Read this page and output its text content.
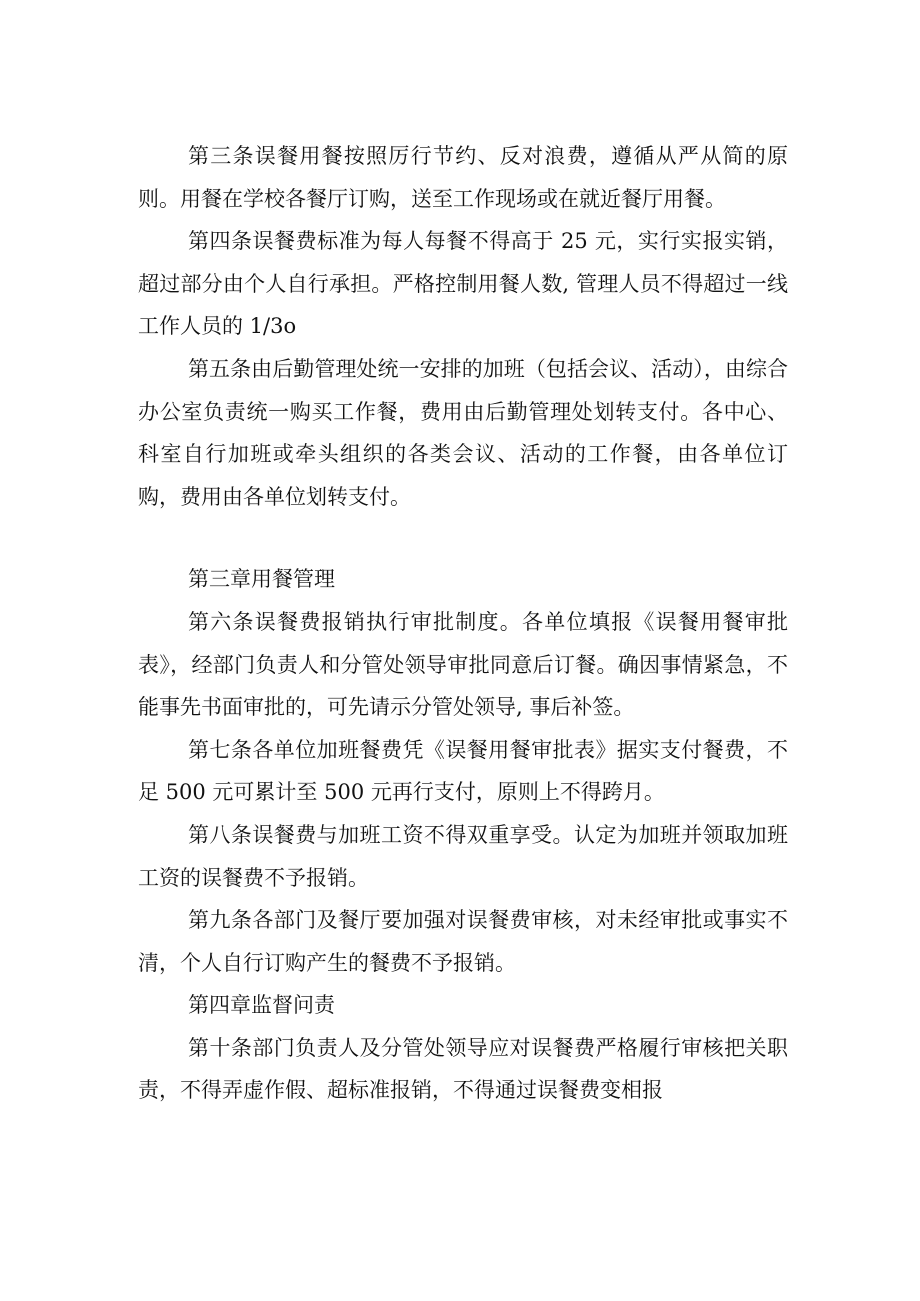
第三条误餐用餐按照厉行节约、反对浪费，遵循从严从简的原则。用餐在学校各餐厅订购，送至工作现场或在就近餐厅用餐。

第四条误餐费标准为每人每餐不得高于 25 元，实行实报实销，超过部分由个人自行承担。严格控制用餐人数, 管理人员不得超过一线工作人员的 1/3o

第五条由后勤管理处统一安排的加班（包括会议、活动），由综合办公室负责统一购买工作餐，费用由后勤管理处划转支付。各中心、科室自行加班或牵头组织的各类会议、活动的工作餐，由各单位订购，费用由各单位划转支付。

第三章用餐管理

第六条误餐费报销执行审批制度。各单位填报《误餐用餐审批表》，经部门负责人和分管处领导审批同意后订餐。确因事情紧急，不能事先书面审批的，可先请示分管处领导, 事后补签。

第七条各单位加班餐费凭《误餐用餐审批表》据实支付餐费，不足 500 元可累计至 500 元再行支付，原则上不得跨月。

第八条误餐费与加班工资不得双重享受。认定为加班并领取加班工资的误餐费不予报销。

第九条各部门及餐厅要加强对误餐费审核，对未经审批或事实不清，个人自行订购产生的餐费不予报销。

第四章监督问责

第十条部门负责人及分管处领导应对误餐费严格履行审核把关职责，不得弄虚作假、超标准报销，不得通过误餐费变相报
